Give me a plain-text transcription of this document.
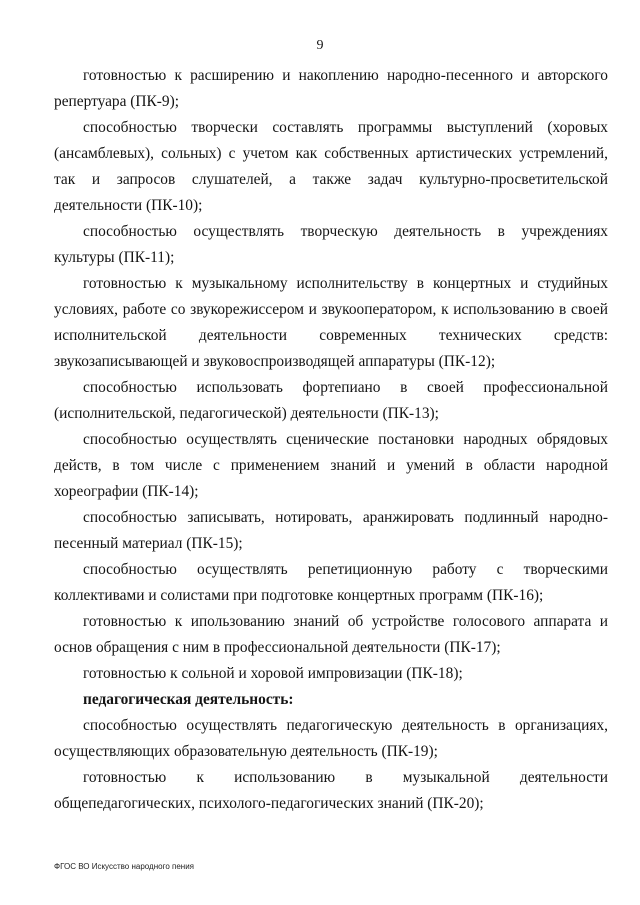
9

готовностью к расширению и накоплению народно-песенного и авторского репертуара (ПК-9);

способностью творчески составлять программы выступлений (хоровых (ансамблевых), сольных) с учетом как собственных артистических устремлений, так и запросов слушателей, а также задач культурно-просветительской деятельности (ПК-10);

способностью осуществлять творческую деятельность в учреждениях культуры (ПК-11);

готовностью к музыкальному исполнительству в концертных и студийных условиях, работе со звукорежиссером и звукооператором, к использованию в своей исполнительской деятельности современных технических средств: звукозаписывающей и звуковоспроизводящей аппаратуры (ПК-12);

способностью использовать фортепиано в своей профессиональной (исполнительской, педагогической) деятельности (ПК-13);

способностью осуществлять сценические постановки народных обрядовых действ, в том числе с применением знаний и умений в области народной хореографии (ПК-14);

способностью записывать, нотировать, аранжировать подлинный народно-песенный материал (ПК-15);

способностью осуществлять репетиционную работу с творческими коллективами и солистами при подготовке концертных программ (ПК-16);

готовностью к ипользованию знаний об устройстве голосового аппарата и основ обращения с ним в профессиональной деятельности (ПК-17);

готовностью к сольной и хоровой импровизации (ПК-18);

педагогическая деятельность:

способностью осуществлять педагогическую деятельность в организациях, осуществляющих образовательную деятельность (ПК-19);

готовностью к использованию в музыкальной деятельности общепедагогических, психолого-педагогических знаний (ПК-20);

ФГОС ВО Искусство народного пения
